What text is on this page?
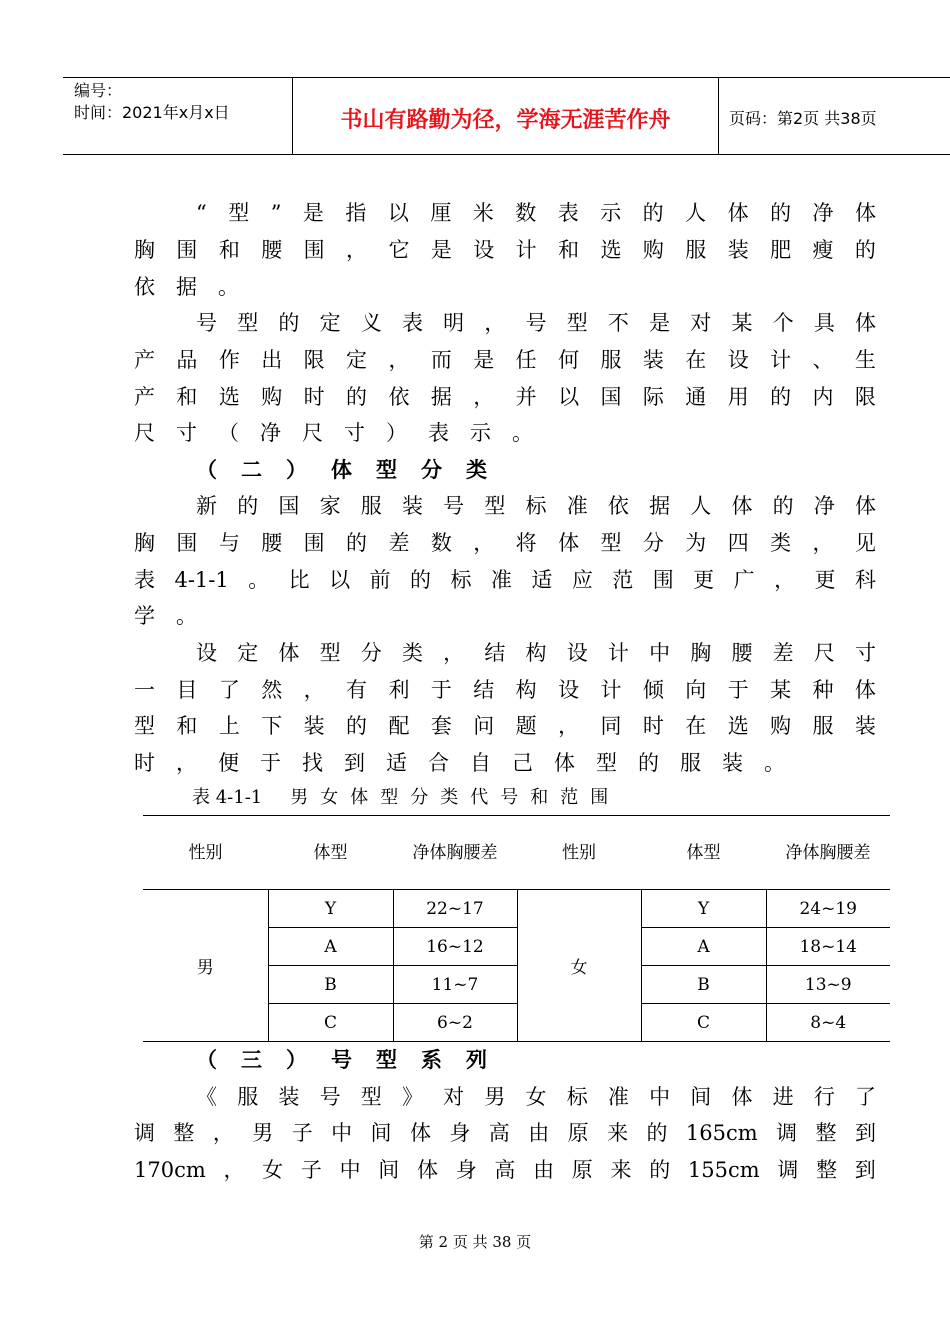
编号：
时间：2021年x月x日	书山有路勤为径，学海无涯苦作舟	页码：第2页 共38页
“ 型 ” 是 指 以 厘 米 数 表 示 的 人 体 的 净 体
胸 围 和 腰 围 ， 它 是 设 计 和 选 购 服 装 肥 瘦 的
依 据 。
号 型 的 定 义 表 明 ， 号 型 不 是 对 某 个 具 体
产 品 作 出 限 定 ， 而 是 任 何 服 装 在 设 计 、 生
产 和 选 购 时 的 依 据 ， 并 以 国 际 通 用 的 内 限
尺 寸 （ 净 尺 寸 ） 表 示 。
（ 二 ） 体 型 分 类
新 的 国 家 服 装 号 型 标 准 依 据 人 体 的 净 体
胸 围 与 腰 围 的 差 数 ， 将 体 型 分 为 四 类 ， 见
表 4-1-1 。 比 以 前 的 标 准 适 应 范 围 更 广 ， 更 科
学 。
设 定 体 型 分 类 ， 结 构 设 计 中 胸 腰 差 尺 寸
一 目 了 然 ， 有 利 于 结 构 设 计 倾 向 于 某 种 体
型 和 上 下 装 的 配 套 问 题 ， 同 时 在 选 购 服 装
时 ， 便 于 找 到 适 合 自 己 体 型 的 服 装 。
（ 三 ） 号 型 系 列
《 服 装 号 型 》 对 男 女 标 准 中 间 体 进 行 了
调 整 ， 男 子 中 间 体 身 高 由 原 来 的 165cm 调 整 到
170cm ， 女 子 中 间 体 身 高 由 原 来 的 155cm 调 整 到
表 4-1-1 男女体型分类代号和范围
性别	体型	净体胸腰差	性别	体型	净体胸腰差
男	Y	22~17	女	Y	24~19
	A	16~12		A	18~14
	B	11~7		B	13~9
	C	6~2		C	8~4
第 2 页 共 38 页
